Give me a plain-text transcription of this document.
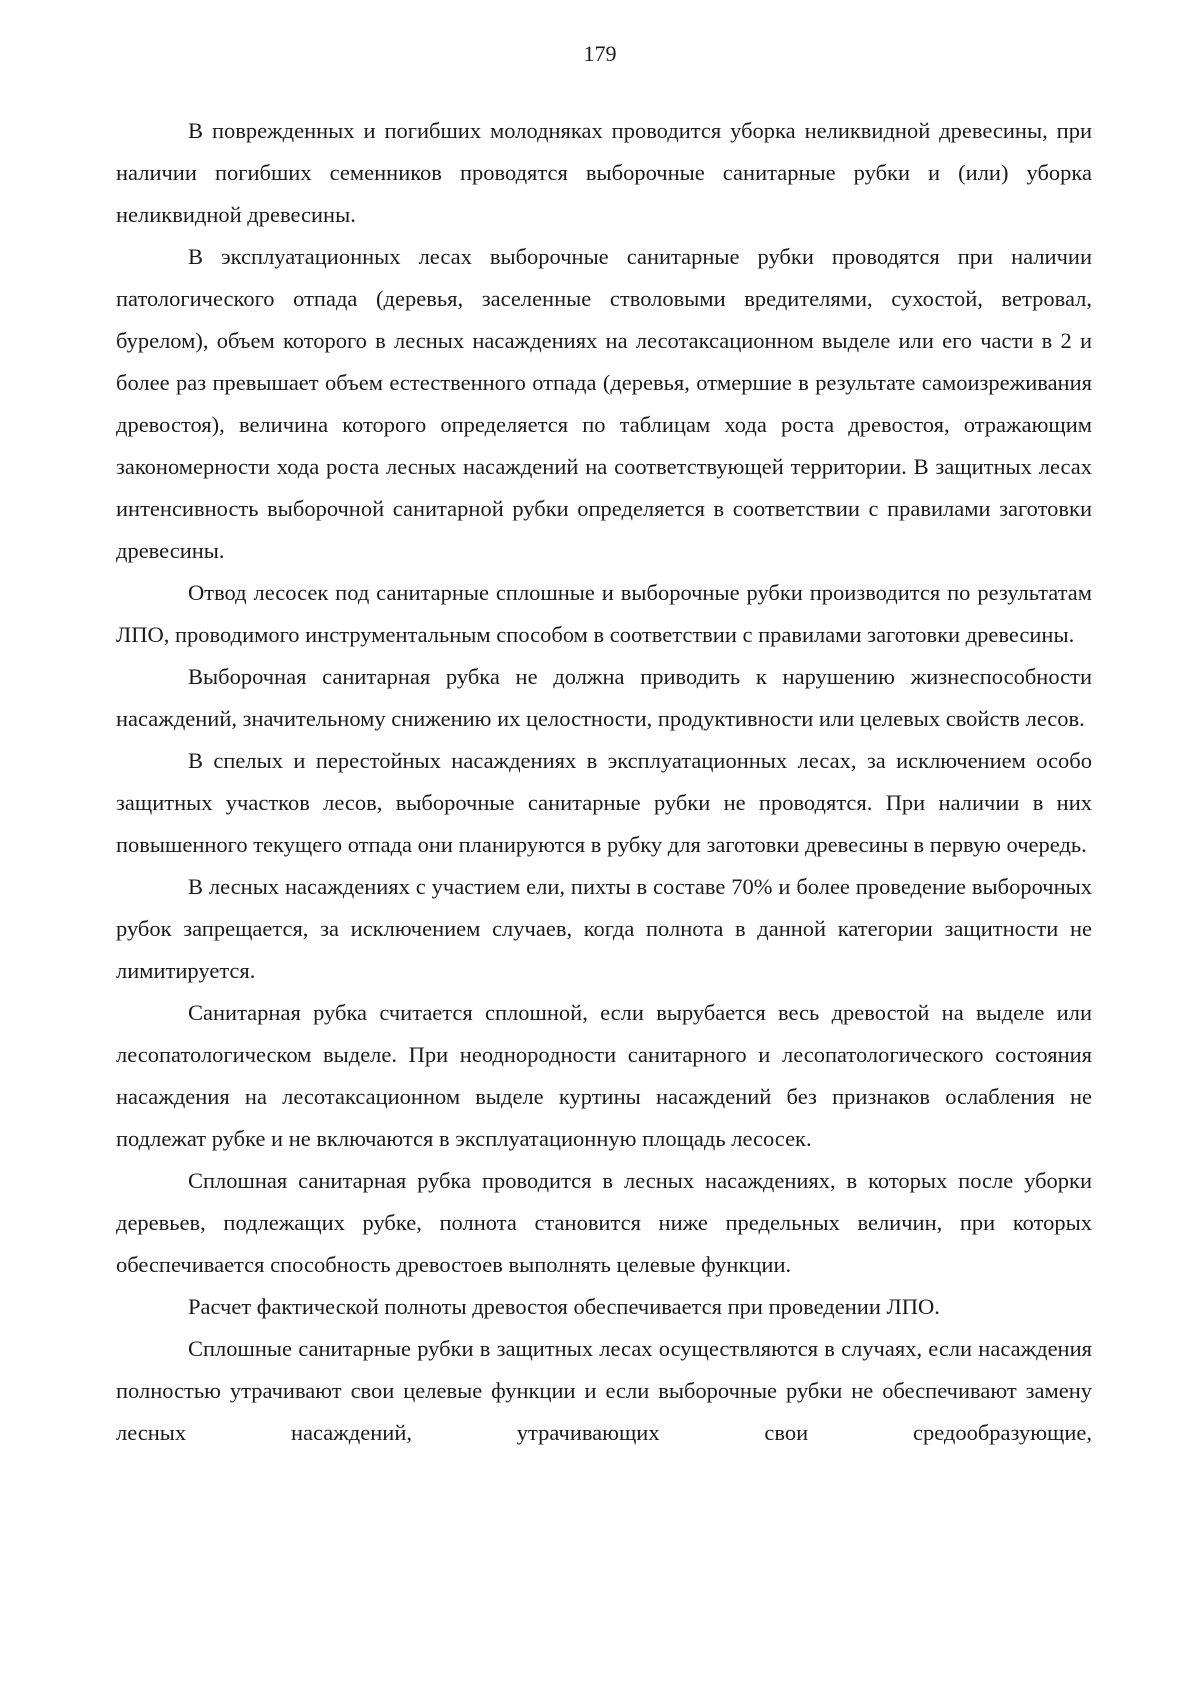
179

В поврежденных и погибших молодняках проводится уборка неликвидной древесины, при наличии погибших семенников проводятся выборочные санитарные рубки и (или) уборка неликвидной древесины.

В эксплуатационных лесах выборочные санитарные рубки проводятся при наличии патологического отпада (деревья, заселенные стволовыми вредителями, сухостой, ветровал, бурелом), объем которого в лесных насаждениях на лесотаксационном выделе или его части в 2 и более раз превышает объем естественного отпада (деревья, отмершие в результате самоизреживания древостоя), величина которого определяется по таблицам хода роста древостоя, отражающим закономерности хода роста лесных насаждений на соответствующей территории. В защитных лесах интенсивность выборочной санитарной рубки определяется в соответствии с правилами заготовки древесины.

Отвод лесосек под санитарные сплошные и выборочные рубки производится по результатам ЛПО, проводимого инструментальным способом в соответствии с правилами заготовки древесины.

Выборочная санитарная рубка не должна приводить к нарушению жизнеспособности насаждений, значительному снижению их целостности, продуктивности или целевых свойств лесов.

В спелых и перестойных насаждениях в эксплуатационных лесах, за исключением особо защитных участков лесов, выборочные санитарные рубки не проводятся. При наличии в них повышенного текущего отпада они планируются в рубку для заготовки древесины в первую очередь.

В лесных насаждениях с участием ели, пихты в составе 70% и более проведение выборочных рубок запрещается, за исключением случаев, когда полнота в данной категории защитности не лимитируется.

Санитарная рубка считается сплошной, если вырубается весь древостой на выделе или лесопатологическом выделе. При неоднородности санитарного и лесопатологического состояния насаждения на лесотаксационном выделе куртины насаждений без признаков ослабления не подлежат рубке и не включаются в эксплуатационную площадь лесосек.

Сплошная санитарная рубка проводится в лесных насаждениях, в которых после уборки деревьев, подлежащих рубке, полнота становится ниже предельных величин, при которых обеспечивается способность древостоев выполнять целевые функции.

Расчет фактической полноты древостоя обеспечивается при проведении ЛПО.

Сплошные санитарные рубки в защитных лесах осуществляются в случаях, если насаждения полностью утрачивают свои целевые функции и если выборочные рубки не обеспечивают замену лесных насаждений, утрачивающих свои средообразующие,
